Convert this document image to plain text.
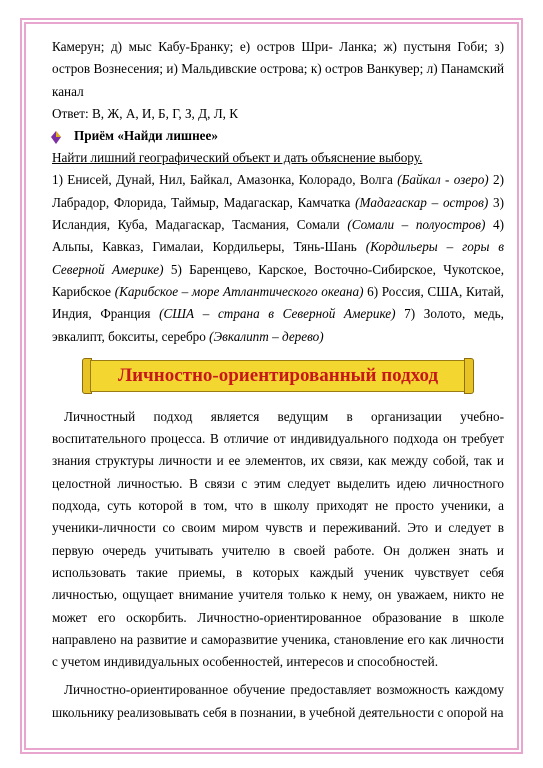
Камерун; д) мыс Кабу-Бранку; е) остров Шри- Ланка; ж) пустыня Гоби; з) остров Вознесения; и) Мальдивские острова; к) остров Ванкувер; л) Панамский канал

Ответ: В, Ж, А, И, Б, Г, З, Д, Л, К

Приём «Найди лишнее»

Найти лишний географический объект и дать объяснение выбору.

1) Енисей, Дунай, Нил, Байкал, Амазонка, Колорадо, Волга (Байкал - озеро) 2) Лабрадор, Флорида, Таймыр, Мадагаскар, Камчатка (Мадагаскар – остров) 3) Исландия, Куба, Мадагаскар, Тасмания, Сомали (Сомали – полуостров) 4) Альпы, Кавказ, Гималаи, Кордильеры, Тянь-Шань (Кордильеры – горы в Северной Америке) 5) Баренцево, Карское, Восточно-Сибирское, Чукотское, Карибское (Карибское – море Атлантического океана) 6) Россия, США, Китай, Индия, Франция (США – страна в Северной Америке) 7) Золото, медь, эвкалипт, бокситы, серебро (Эвкалипт – дерево)

Личностно-ориентированный подход

Личностный подход является ведущим в организации учебно-воспитательного процесса. В отличие от индивидуального подхода он требует знания структуры личности и ее элементов, их связи, как между собой, так и целостной личностью. В связи с этим следует выделить идею личностного подхода, суть которой в том, что в школу приходят не просто ученики, а ученики-личности со своим миром чувств и переживаний. Это и следует в первую очередь учитывать учителю в своей работе. Он должен знать и использовать такие приемы, в которых каждый ученик чувствует себя личностью, ощущает внимание учителя только к нему, он уважаем, никто не может его оскорбить. Личностно-ориентированное образование в школе направлено на развитие и саморазвитие ученика, становление его как личности с учетом индивидуальных особенностей, интересов и способностей.

Личностно-ориентированное обучение предоставляет возможность каждому школьнику реализовывать себя в познании, в учебной деятельности с опорой на
